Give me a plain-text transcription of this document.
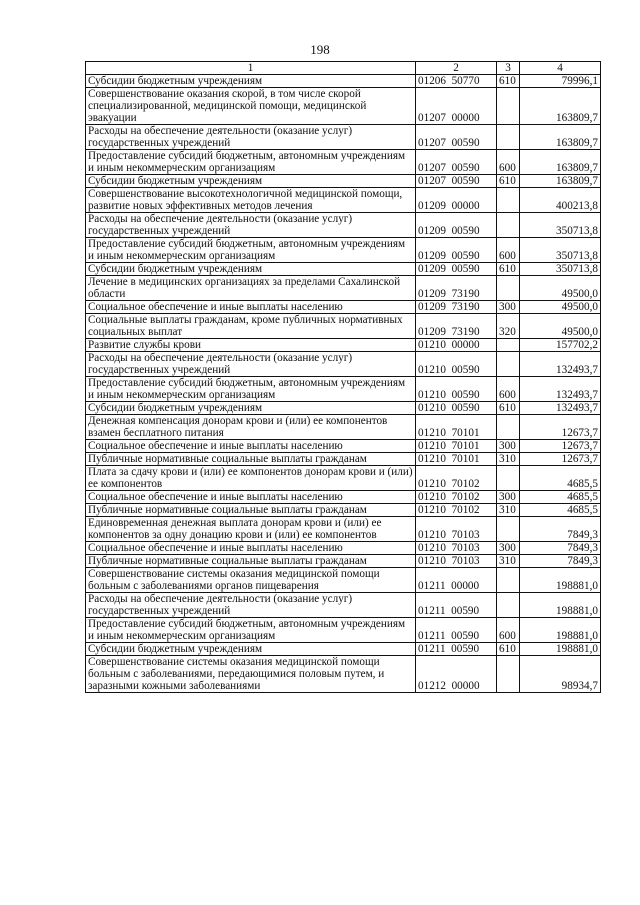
198
1	2	3	4
Субсидии бюджетным учреждениям	01206  50770	610	79996,1
Совершенствование оказания скорой, в том числе скорой специализированной, медицинской помощи, медицинской эвакуации	01207  00000		163809,7
Расходы на обеспечение деятельности (оказание услуг) государственных учреждений	01207  00590		163809,7
Предоставление субсидий бюджетным, автономным учреждениям и иным некоммерческим организациям	01207  00590	600	163809,7
Субсидии бюджетным учреждениям	01207  00590	610	163809,7
Совершенствование высокотехнологичной медицинской помощи, развитие новых эффективных методов лечения	01209  00000		400213,8
Расходы на обеспечение деятельности (оказание услуг) государственных учреждений	01209  00590		350713,8
Предоставление субсидий бюджетным, автономным учреждениям и иным некоммерческим организациям	01209  00590	600	350713,8
Субсидии бюджетным учреждениям	01209  00590	610	350713,8
Лечение в медицинских организациях за пределами Сахалинской области	01209  73190		49500,0
Социальное обеспечение и иные выплаты населению	01209  73190	300	49500,0
Социальные выплаты гражданам, кроме публичных нормативных социальных выплат	01209  73190	320	49500,0
Развитие службы крови	01210  00000		157702,2
Расходы на обеспечение деятельности (оказание услуг) государственных учреждений	01210  00590		132493,7
Предоставление субсидий бюджетным, автономным учреждениям и иным некоммерческим организациям	01210  00590	600	132493,7
Субсидии бюджетным учреждениям	01210  00590	610	132493,7
Денежная компенсация донорам крови и (или) ее компонентов взамен бесплатного питания	01210  70101		12673,7
Социальное обеспечение и иные выплаты населению	01210  70101	300	12673,7
Публичные нормативные социальные выплаты гражданам	01210  70101	310	12673,7
Плата за сдачу крови и (или) ее компонентов донорам крови и (или) ее компонентов	01210  70102		4685,5
Социальное обеспечение и иные выплаты населению	01210  70102	300	4685,5
Публичные нормативные социальные выплаты гражданам	01210  70102	310	4685,5
Единовременная денежная выплата донорам крови и (или) ее компонентов за одну донацию крови и (или) ее компонентов	01210  70103		7849,3
Социальное обеспечение и иные выплаты населению	01210  70103	300	7849,3
Публичные нормативные социальные выплаты гражданам	01210  70103	310	7849,3
Совершенствование системы оказания медицинской помощи больным с заболеваниями органов пищеварения	01211  00000		198881,0
Расходы на обеспечение деятельности (оказание услуг) государственных учреждений	01211  00590		198881,0
Предоставление субсидий бюджетным, автономным учреждениям и иным некоммерческим организациям	01211  00590	600	198881,0
Субсидии бюджетным учреждениям	01211  00590	610	198881,0
Совершенствование системы оказания медицинской помощи больным с заболеваниями, передающимися половым путем, и заразными кожными заболеваниями	01212  00000		98934,7
